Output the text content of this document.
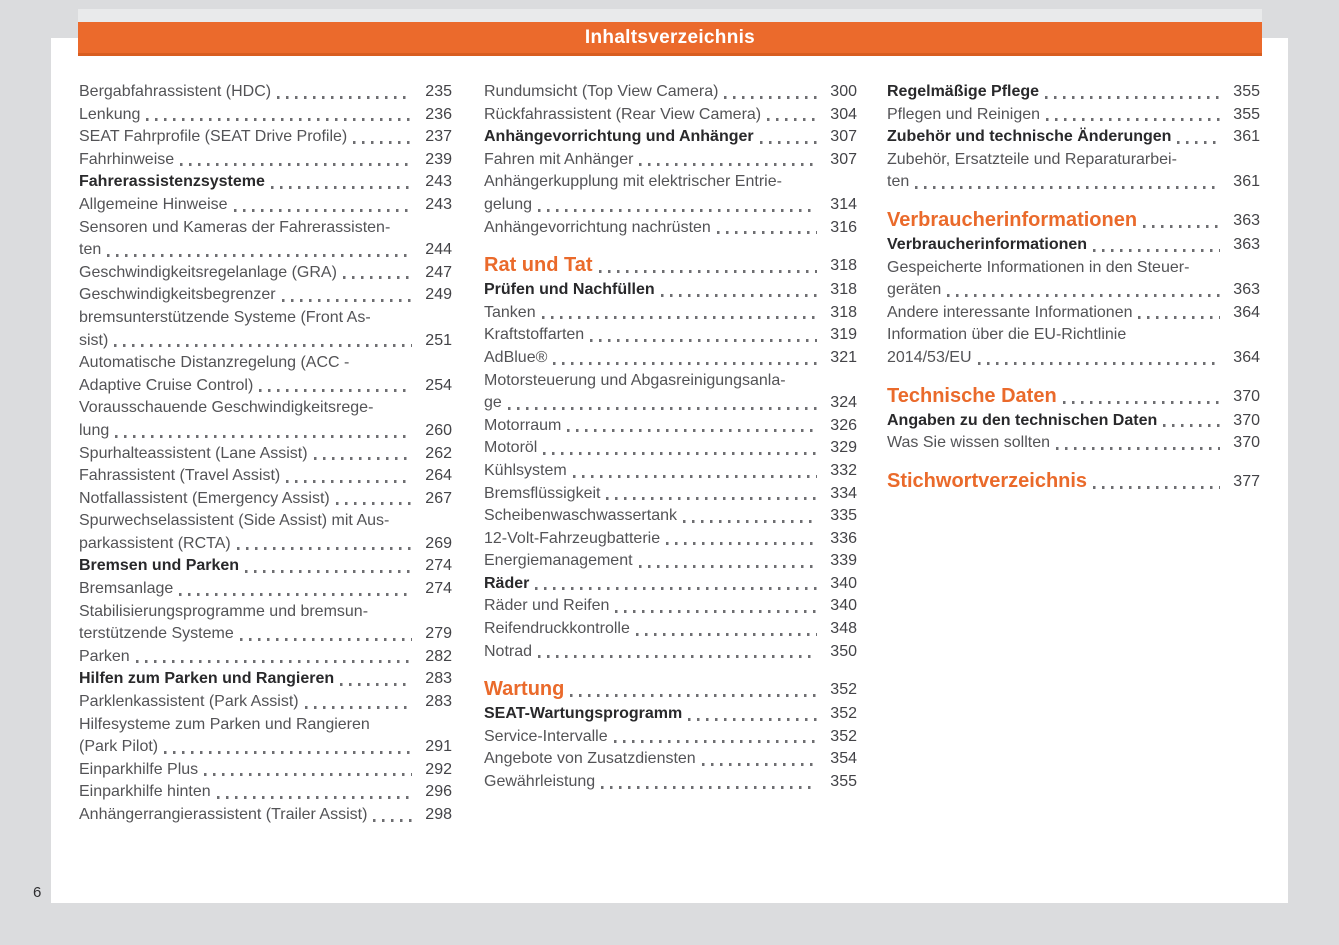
Bergabfahrassistent (HDC)	235
Lenkung	236
SEAT Fahrprofile (SEAT Drive Profile)	237
Fahrhinweise	239
Fahrerassistenzsysteme	243
Allgemeine Hinweise	243
Sensoren und Kameras der Fahrerassisten-
ten	244
Geschwindigkeitsregelanlage (GRA)	247
Geschwindigkeitsbegrenzer	249
bremsunterstützende Systeme (Front As-
sist)	251
Automatische Distanzregelung (ACC -
Adaptive Cruise Control)	254
Vorausschauende Geschwindigkeitsrege-
lung	260
Spurhalteassistent (Lane Assist)	262
Fahrassistent (Travel Assist)	264
Notfallassistent (Emergency Assist)	267
Spurwechselassistent (Side Assist) mit Aus-
parkassistent (RCTA)	269
Bremsen und Parken	274
Bremsanlage	274
Stabilisierungsprogramme und bremsun-
terstützende Systeme	279
Parken	282
Hilfen zum Parken und Rangieren	283
Parklenkassistent (Park Assist)	283
Hilfesysteme zum Parken und Rangieren
(Park Pilot)	291
Einparkhilfe Plus	292
Einparkhilfe hinten	296
Anhängerrangierassistent (Trailer Assist)	298
Rundumsicht (Top View Camera)	300
Rückfahrassistent (Rear View Camera)	304
Anhängevorrichtung und Anhänger	307
Fahren mit Anhänger	307
Anhängerkupplung mit elektrischer Entrie-
gelung	314
Anhängevorrichtung nachrüsten	316
Rat und Tat	318
Prüfen und Nachfüllen	318
Tanken	318
Kraftstoffarten	319
AdBlue®	321
Motorsteuerung und Abgasreinigungsanla-
ge	324
Motorraum	326
Motoröl	329
Kühlsystem	332
Bremsflüssigkeit	334
Scheibenwaschwassertank	335
12-Volt-Fahrzeugbatterie	336
Energiemanagement	339
Räder	340
Räder und Reifen	340
Reifendruckkontrolle	348
Notrad	350
Wartung	352
SEAT-Wartungsprogramm	352
Service-Intervalle	352
Angebote von Zusatzdiensten	354
Gewährleistung	355
Regelmäßige Pflege	355
Pflegen und Reinigen	355
Zubehör und technische Änderungen	361
Zubehör, Ersatzteile und Reparaturarbei-
ten	361
Verbraucherinformationen	363
Verbraucherinformationen	363
Gespeicherte Informationen in den Steuer-
geräten	363
Andere interessante Informationen	364
Information über die EU-Richtlinie
2014/53/EU	364
Technische Daten	370
Angaben zu den technischen Daten	370
Was Sie wissen sollten	370
Stichwortverzeichnis	377
Inhaltsverzeichnis
6
